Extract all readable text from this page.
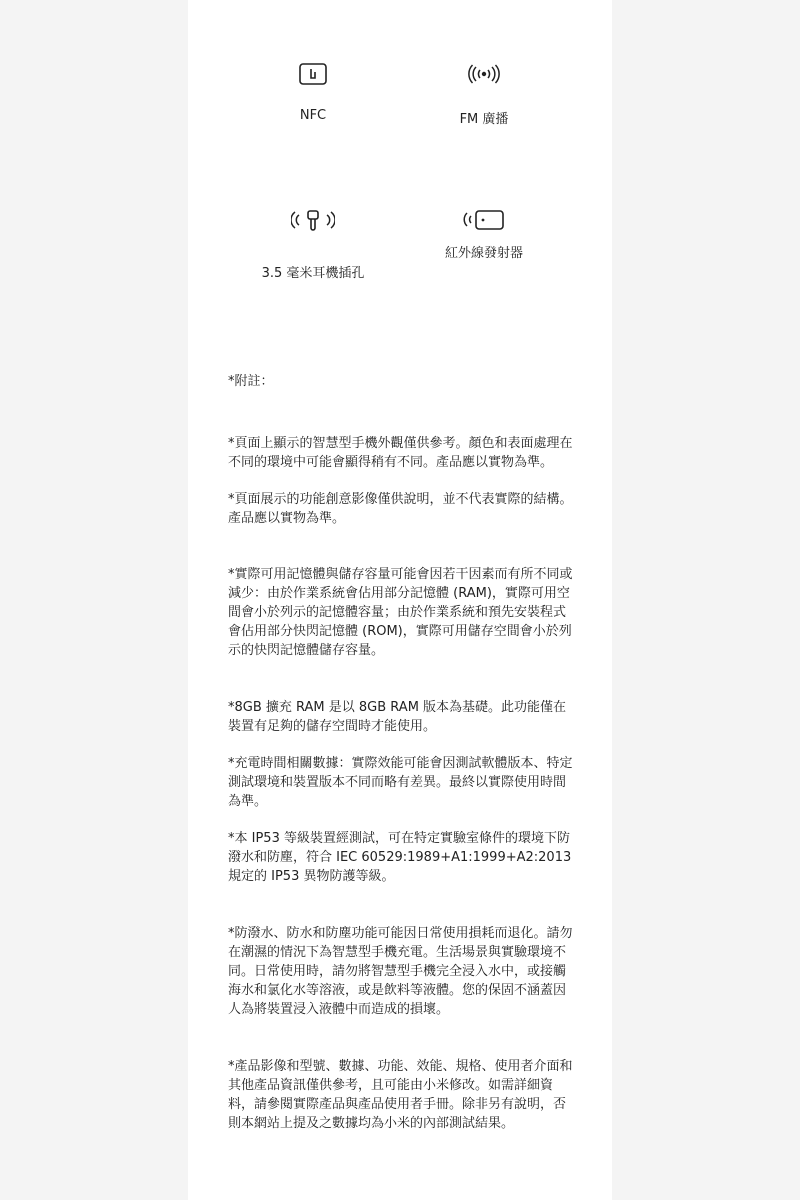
NFC	FM 廣播
3.5 毫米耳機插孔
紅外線發射器

*附註：

*頁面上顯示的智慧型手機外觀僅供參考。顏色和表面處理在不同的環境中可能會顯得稍有不同。產品應以實物為準。

*頁面展示的功能創意影像僅供說明，並不代表實際的結構。產品應以實物為準。

*實際可用記憶體與儲存容量可能會因若干因素而有所不同或減少：由於作業系統會佔用部分記憶體 (RAM)，實際可用空間會小於列示的記憶體容量；由於作業系統和預先安裝程式會佔用部分快閃記憶體 (ROM)，實際可用儲存空間會小於列示的快閃記憶體儲存容量。

*8GB 擴充 RAM 是以 8GB RAM 版本為基礎。此功能僅在裝置有足夠的儲存空間時才能使用。

*充電時間相關數據：實際效能可能會因測試軟體版本、特定測試環境和裝置版本不同而略有差異。最終以實際使用時間為準。

*本 IP53 等級裝置經測試，可在特定實驗室條件的環境下防潑水和防塵，符合 IEC 60529:1989+A1:1999+A2:2013 規定的 IP53 異物防護等級。

*防潑水、防水和防塵功能可能因日常使用損耗而退化。請勿在潮濕的情況下為智慧型手機充電。生活場景與實驗環境不同。日常使用時，請勿將智慧型手機完全浸入水中，或接觸海水和氯化水等溶液，或是飲料等液體。您的保固不涵蓋因人為將裝置浸入液體中而造成的損壞。

*產品影像和型號、數據、功能、效能、規格、使用者介面和其他產品資訊僅供參考，且可能由小米修改。如需詳細資料，請參閱實際產品與產品使用者手冊。除非另有說明，否則本網站上提及之數據均為小米的內部測試結果。
